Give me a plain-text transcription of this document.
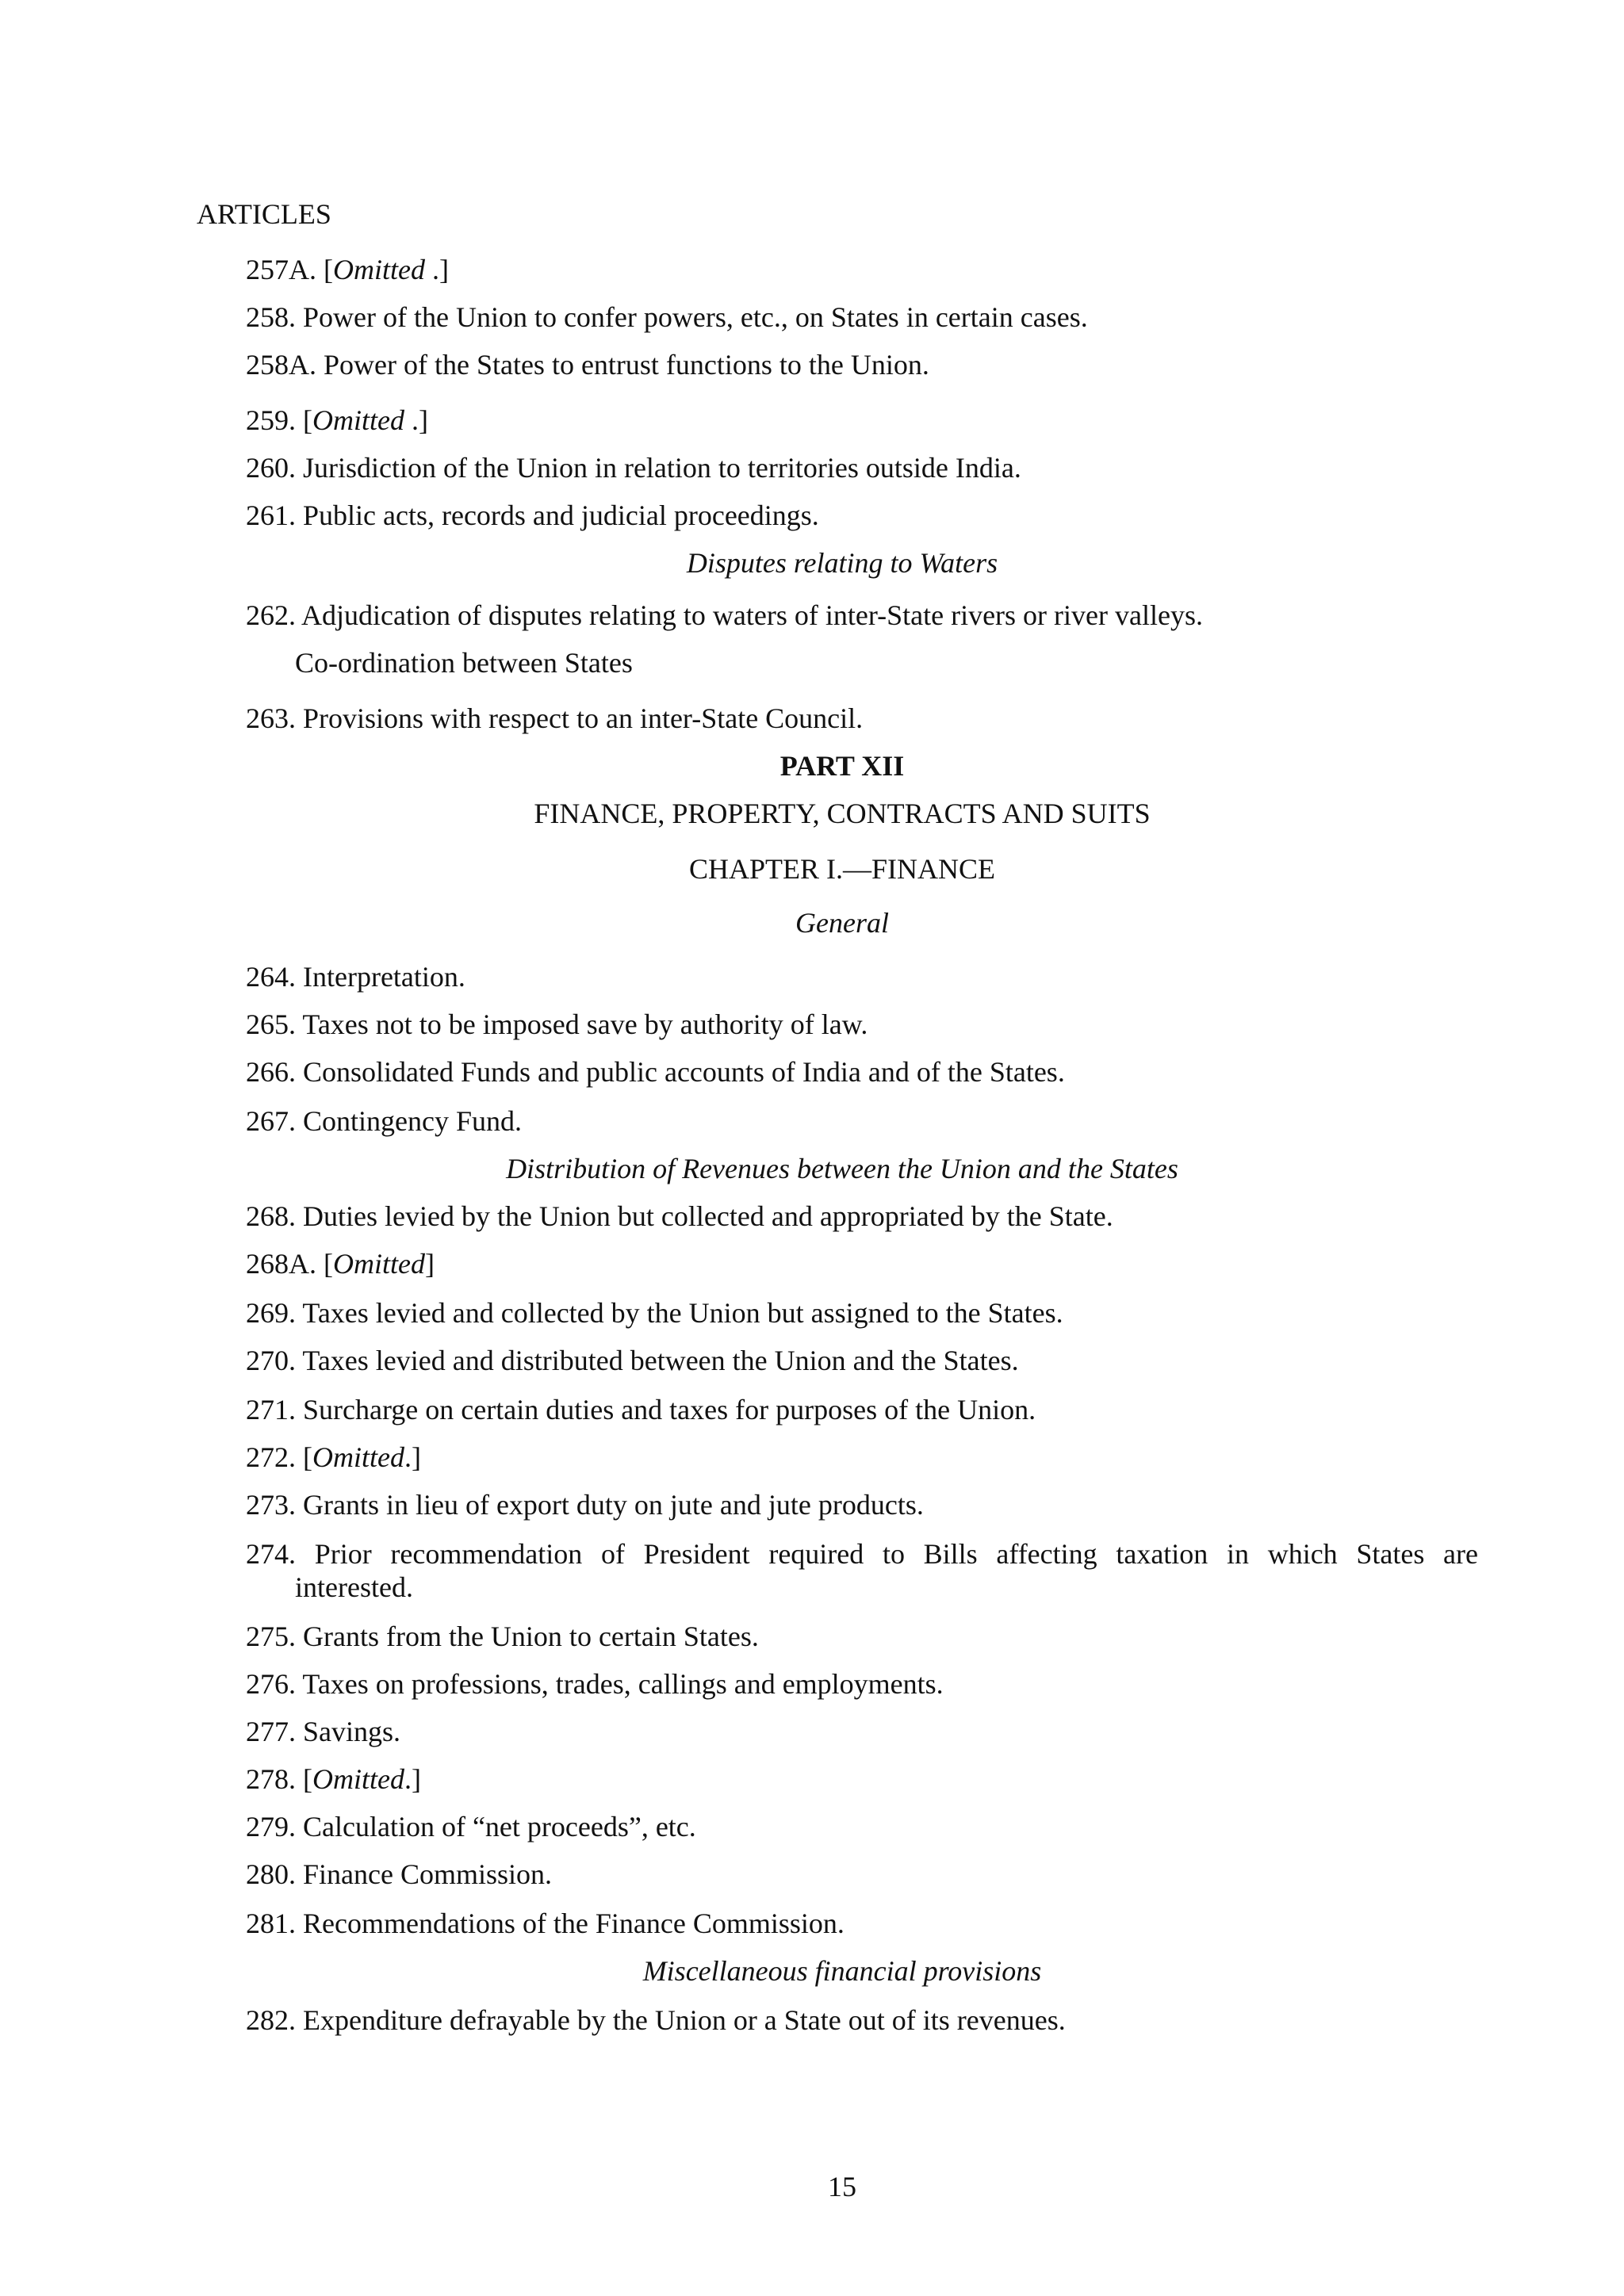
ARTICLES
257A. [Omitted .]
258. Power of the Union to confer powers, etc., on States in certain cases.
258A. Power of the States to entrust functions to the Union.
259. [Omitted .]
260. Jurisdiction of the Union in relation to territories outside India.
261. Public acts, records and judicial proceedings.
Disputes relating to Waters
262. Adjudication of disputes relating to waters of inter-State rivers or river valleys.
Co-ordination between States
263. Provisions with respect to an inter-State Council.
PART XII
FINANCE, PROPERTY, CONTRACTS AND SUITS
CHAPTER I.—FINANCE
General
264. Interpretation.
265. Taxes not to be imposed save by authority of law.
266. Consolidated Funds and public accounts of India and of the States.
267. Contingency Fund.
Distribution of Revenues between the Union and the States
268. Duties levied by the Union but collected and appropriated by the State.
268A. [Omitted]
269. Taxes levied and collected by the Union but assigned to the States.
270. Taxes levied and distributed between the Union and the States.
271. Surcharge on certain duties and taxes for purposes of the Union.
272. [Omitted.]
273. Grants in lieu of export duty on jute and jute products.
274. Prior recommendation of President required to Bills affecting taxation in which States are
interested.
275. Grants from the Union to certain States.
276. Taxes on professions, trades, callings and employments.
277. Savings.
278. [Omitted.]
279. Calculation of “net proceeds”, etc.
280. Finance Commission.
281. Recommendations of the Finance Commission.
Miscellaneous financial provisions
282. Expenditure defrayable by the Union or a State out of its revenues.
15
